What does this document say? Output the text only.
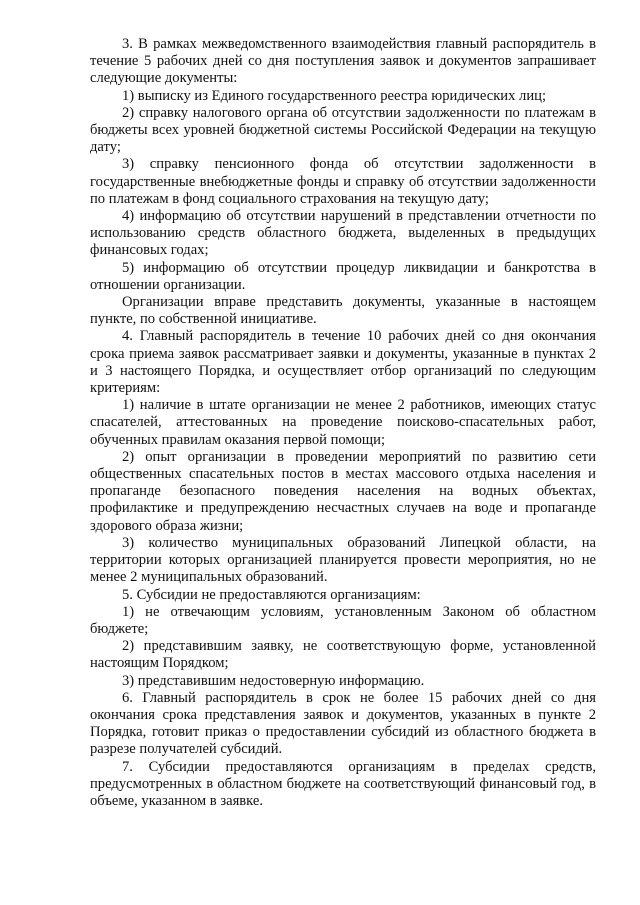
3. В рамках межведомственного взаимодействия главный распорядитель в течение 5 рабочих дней со дня поступления заявок и документов запрашивает следующие документы:

1) выписку из Единого государственного реестра юридических лиц;

2) справку налогового органа об отсутствии задолженности по платежам в бюджеты всех уровней бюджетной системы Российской Федерации на текущую дату;

3) справку пенсионного фонда об отсутствии задолженности в государственные внебюджетные фонды и справку об отсутствии задолженности по платежам в фонд социального страхования на текущую дату;

4) информацию об отсутствии нарушений в представлении отчетности по использованию средств областного бюджета, выделенных в предыдущих финансовых годах;

5) информацию об отсутствии процедур ликвидации и банкротства в отношении организации.

Организации вправе представить документы, указанные в настоящем пункте, по собственной инициативе.

4. Главный распорядитель в течение 10 рабочих дней со дня окончания срока приема заявок рассматривает заявки и документы, указанные в пунктах 2 и 3 настоящего Порядка, и осуществляет отбор организаций по следующим критериям:

1) наличие в штате организации не менее 2 работников, имеющих статус спасателей, аттестованных на проведение поисково-спасательных работ, обученных правилам оказания первой помощи;

2) опыт организации в проведении мероприятий по развитию сети общественных спасательных постов в местах массового отдыха населения и пропаганде безопасного поведения населения на водных объектах, профилактике и предупреждению несчастных случаев на воде и пропаганде здорового образа жизни;

3) количество муниципальных образований Липецкой области, на территории которых организацией планируется провести мероприятия, но не менее 2 муниципальных образований.

5. Субсидии не предоставляются организациям:

1) не отвечающим условиям, установленным Законом об областном бюджете;

2) представившим заявку, не соответствующую форме, установленной настоящим Порядком;

3) представившим недостоверную информацию.

6. Главный распорядитель в срок не более 15 рабочих дней со дня окончания срока представления заявок и документов, указанных в пункте 2 Порядка, готовит приказ о предоставлении субсидий из областного бюджета в разрезе получателей субсидий.

7. Субсидии предоставляются организациям в пределах средств, предусмотренных в областном бюджете на соответствующий финансовый год, в объеме, указанном в заявке.
